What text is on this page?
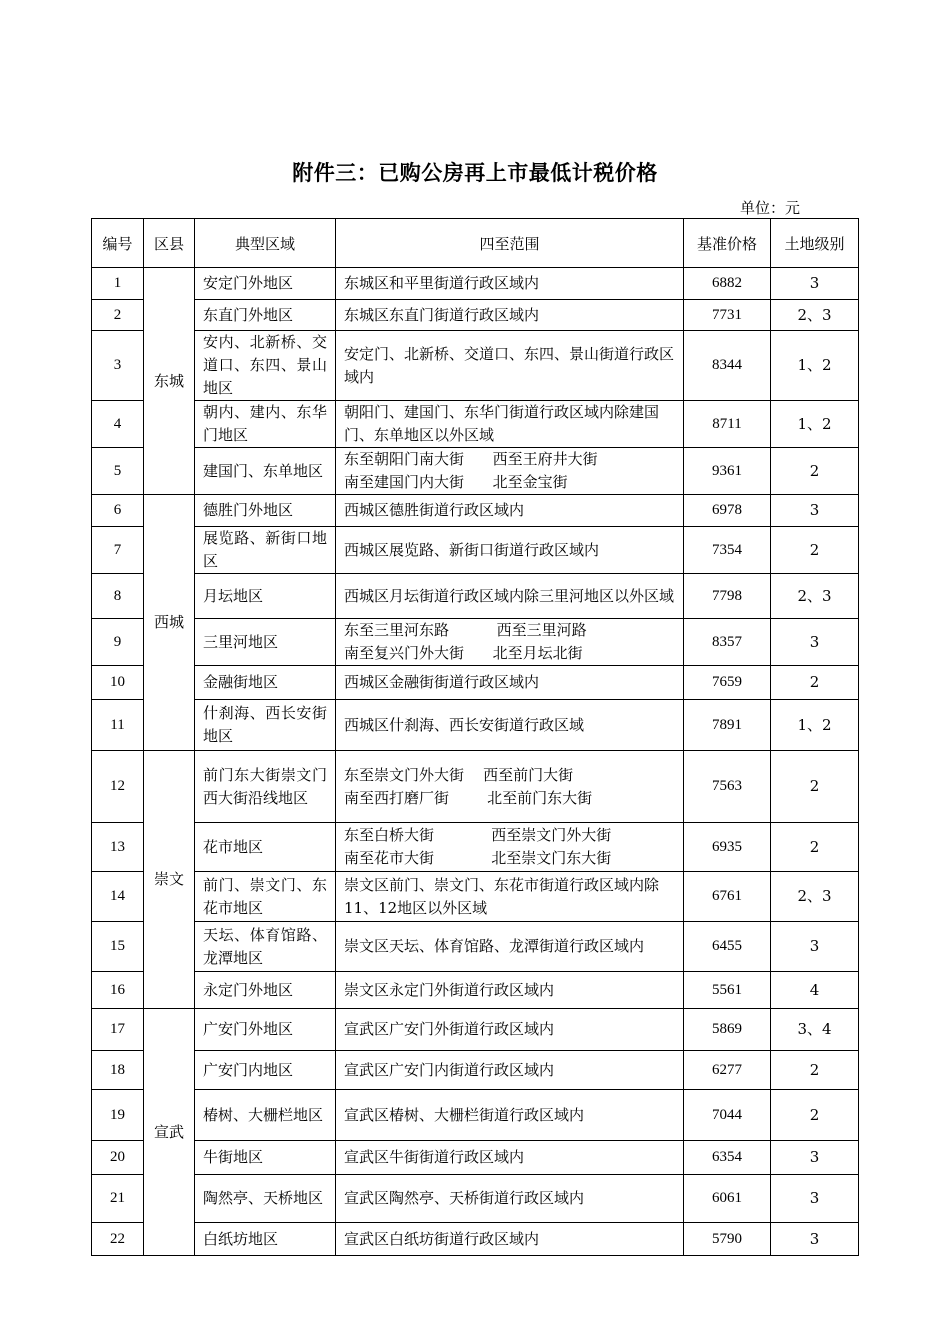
附件三：已购公房再上市最低计税价格
单位：元
编号	区县	典型区域	四至范围	基准价格	土地级别
1	东城	安定门外地区	东城区和平里街道行政区域内	6882	3
2		东直门外地区	东城区东直门街道行政区域内	7731	2、3
3		安内、北新桥、交道口、东四、景山地区	安定门、北新桥、交道口、东四、景山街道行政区域内	8344	1、2
4		朝内、建内、东华门地区	朝阳门、建国门、东华门街道行政区域内除建国门、东单地区以外区域	8711	1、2
5		建国门、东单地区	东至朝阳门南大街      西至王府井大街
南至建国门内大街      北至金宝街	9361	2
6	西城	德胜门外地区	西城区德胜街道行政区域内	6978	3
7		展览路、新街口地区	西城区展览路、新街口街道行政区域内	7354	2
8		月坛地区	西城区月坛街道行政区域内除三里河地区以外区域	7798	2、3
9		三里河地区	东至三里河东路          西至三里河路
南至复兴门外大街      北至月坛北街	8357	3
10		金融街地区	西城区金融街街道行政区域内	7659	2
11		什刹海、西长安街地区	西城区什刹海、西长安街道行政区域	7891	1、2
12	崇文	前门东大街崇文门西大街沿线地区	东至崇文门外大街    西至前门大街
南至西打磨厂街        北至前门东大街	7563	2
13		花市地区	东至白桥大街            西至崇文门外大街
南至花市大街            北至崇文门东大街	6935	2
14		前门、崇文门、东花市地区	崇文区前门、崇文门、东花市街道行政区域内除11、12地区以外区域	6761	2、3
15		天坛、体育馆路、龙潭地区	崇文区天坛、体育馆路、龙潭街道行政区域内	6455	3
16		永定门外地区	崇文区永定门外街道行政区域内	5561	4
17	宣武	广安门外地区	宣武区广安门外街道行政区域内	5869	3、4
18		广安门内地区	宣武区广安门内街道行政区域内	6277	2
19		椿树、大栅栏地区	宣武区椿树、大栅栏街道行政区域内	7044	2
20		牛街地区	宣武区牛街街道行政区域内	6354	3
21		陶然亭、天桥地区	宣武区陶然亭、天桥街道行政区域内	6061	3
22		白纸坊地区	宣武区白纸坊街道行政区域内	5790	3
